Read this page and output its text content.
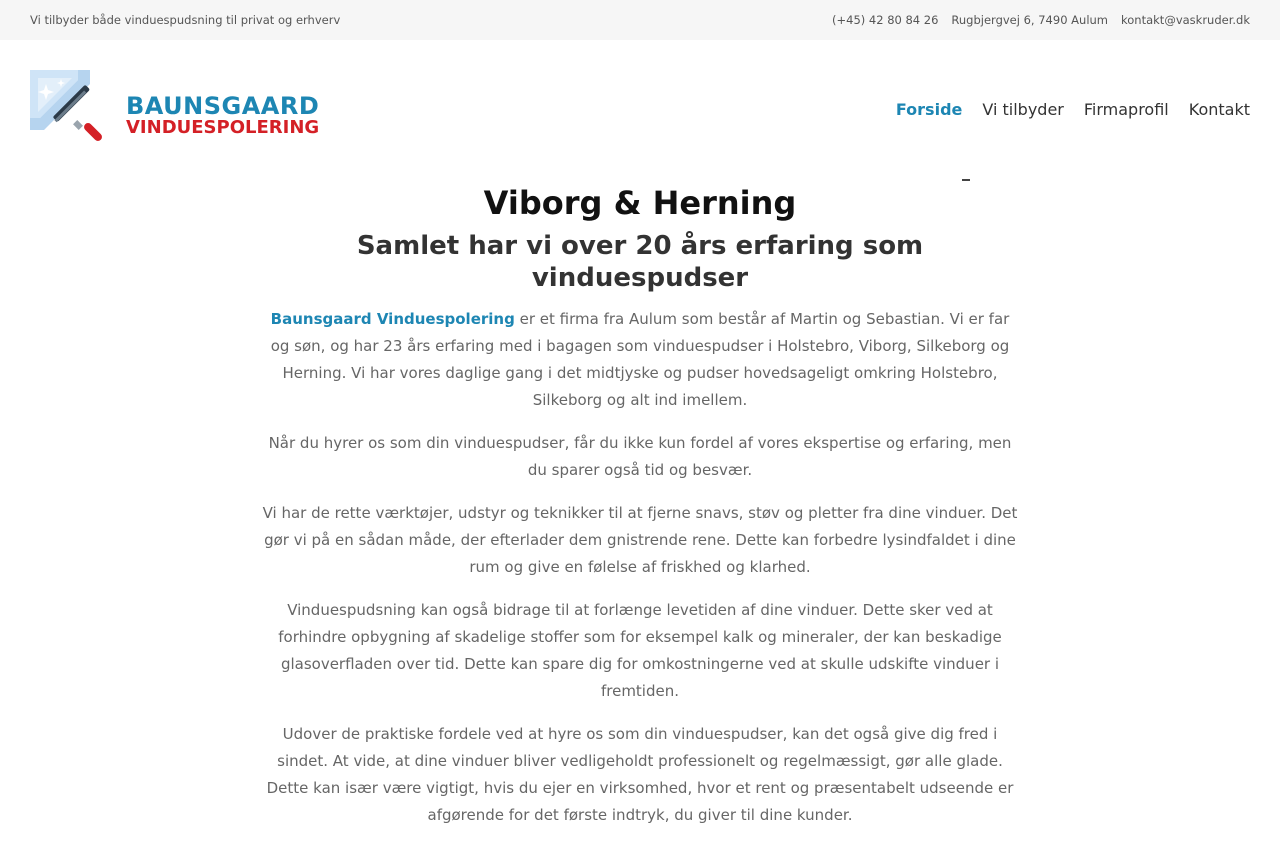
Vi tilbyder både vinduespudsning til privat og erhverv	(+45) 42 80 84 26 Rugbjergvej 6, 7490 Aulum kontakt@vaskruder.dk
BAUNSGAARD
VINDUESPOLERING
Forside Vi tilbyder Firmaprofil Kontakt
Viborg & Herning
Samlet har vi over 20 års erfaring som vinduespudser

Baunsgaard Vinduespolering er et firma fra Aulum som består af Martin og Sebastian. Vi er far og søn, og har 23 års erfaring med i bagagen som vinduespudser i Holstebro, Viborg, Silkeborg og Herning. Vi har vores daglige gang i det midtjyske og pudser hovedsageligt omkring Holstebro, Silkeborg og alt ind imellem.

Når du hyrer os som din vinduespudser, får du ikke kun fordel af vores ekspertise og erfaring, men du sparer også tid og besvær.

Vi har de rette værktøjer, udstyr og teknikker til at fjerne snavs, støv og pletter fra dine vinduer. Det gør vi på en sådan måde, der efterlader dem gnistrende rene. Dette kan forbedre lysindfaldet i dine rum og give en følelse af friskhed og klarhed.

Vinduespudsning kan også bidrage til at forlænge levetiden af dine vinduer. Dette sker ved at forhindre opbygning af skadelige stoffer som for eksempel kalk og mineraler, der kan beskadige glasoverfladen over tid. Dette kan spare dig for omkostningerne ved at skulle udskifte vinduer i fremtiden.

Udover de praktiske fordele ved at hyre os som din vinduespudser, kan det også give dig fred i sindet. At vide, at dine vinduer bliver vedligeholdt professionelt og regelmæssigt, gør alle glade. Dette kan især være vigtigt, hvis du ejer en virksomhed, hvor et rent og præsentabelt udseende er afgørende for det første indtryk, du giver til dine kunder.
